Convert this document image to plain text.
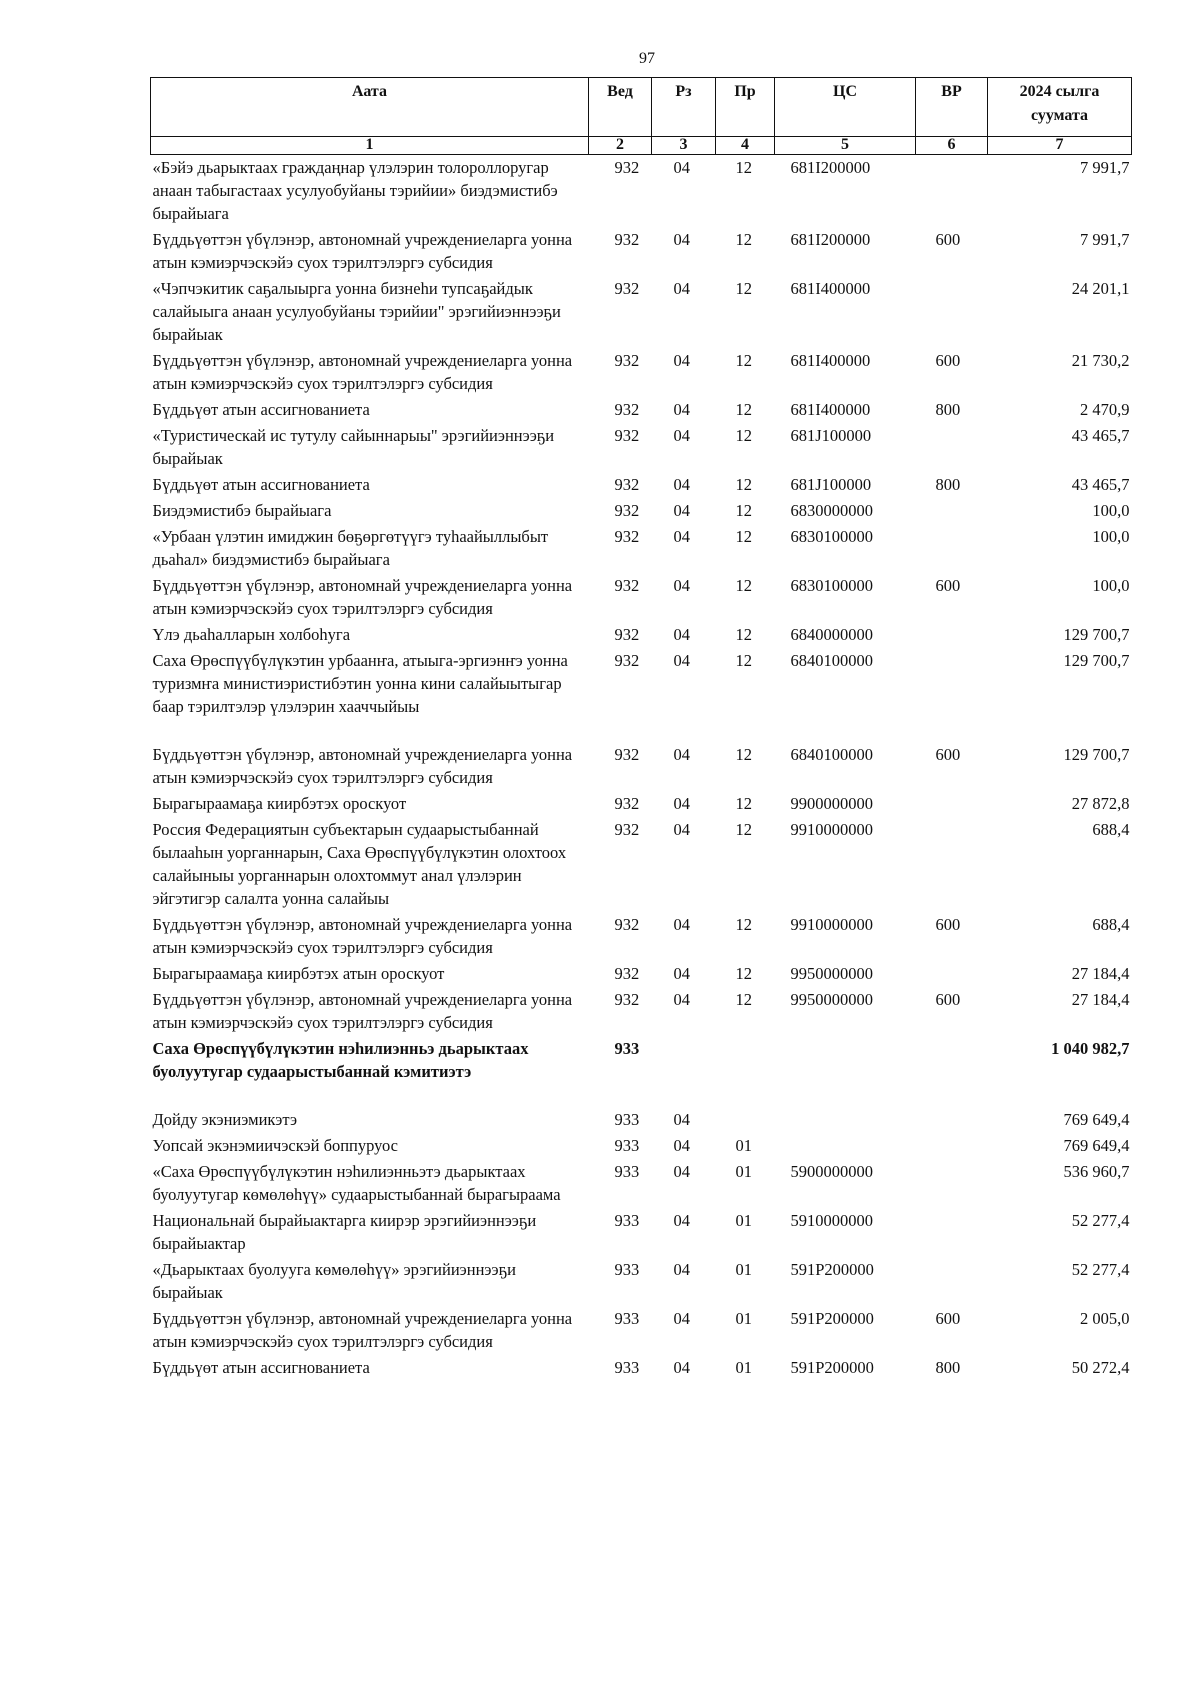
97
Аата	Вед	Рз	Пр	ЦС	ВР	2024 сылга суумата
1	2	3	4	5	6	7
«Бэйэ дьарыктаах граждаңнар үлэлэрин толороллоругар анаан табыгастаах усулуобуйаны тэрийии» биэдэмистибэ бырайыага	932	04	12	681I200000		7 991,7
Бүддьүөттэн үбүлэнэр, автономнай учреждениеларга уонна атын кэмиэрчэскэйэ суох тэрилтэлэргэ субсидия	932	04	12	681I200000	600	7 991,7
«Чэпчэкитик саҕалыырга уонна бизнеһи тупсаҕайдык салайыыга анаан усулуобуйаны тэрийии" эрэгийиэннээҕи бырайыак	932	04	12	681I400000		24 201,1
Бүддьүөттэн үбүлэнэр, автономнай учреждениеларга уонна атын кэмиэрчэскэйэ суох тэрилтэлэргэ субсидия	932	04	12	681I400000	600	21 730,2
Бүддьүөт атын ассигнованиета	932	04	12	681I400000	800	2 470,9
«Туристическай ис тутулу сайыннарыы" эрэгийиэннээҕи бырайыак	932	04	12	681J100000		43 465,7
Бүддьүөт атын ассигнованиета	932	04	12	681J100000	800	43 465,7
Биэдэмистибэ бырайыага	932	04	12	6830000000		100,0
«Урбаан үлэтин имиджин бөҕөргөтүүгэ туһаайыллыбыт дьаһал» биэдэмистибэ бырайыага	932	04	12	6830100000		100,0
Бүддьүөттэн үбүлэнэр, автономнай учреждениеларга уонна атын кэмиэрчэскэйэ суох тэрилтэлэргэ субсидия	932	04	12	6830100000	600	100,0
Үлэ дьаһалларын холбоһуга	932	04	12	6840000000		129 700,7
Саха Өрөспүүбүлүкэтин урбаанҥа, атыыга-эргиэнҥэ уонна туризмҥа министиэристибэтин уонна кини салайыытыгар баар тэрилтэлэр үлэлэрин хааччыйыы	932	04	12	6840100000		129 700,7
Бүддьүөттэн үбүлэнэр, автономнай учреждениеларга уонна атын кэмиэрчэскэйэ суох тэрилтэлэргэ субсидия	932	04	12	6840100000	600	129 700,7
Бырагыраамаҕа киирбэтэх ороскуот	932	04	12	9900000000		27 872,8
Россия Федерациятын субъектарын судаарыстыбаннай былааһын уорганнарын, Саха Өрөспүүбүлүкэтин олохтоох салайыныы уорганнарын олохтоммут анал үлэлэрин эйгэтигэр салалта уонна салайыы	932	04	12	9910000000		688,4
Бүддьүөттэн үбүлэнэр, автономнай учреждениеларга уонна атын кэмиэрчэскэйэ суох тэрилтэлэргэ субсидия	932	04	12	9910000000	600	688,4
Бырагыраамаҕа киирбэтэх атын ороскуот	932	04	12	9950000000		27 184,4
Бүддьүөттэн үбүлэнэр, автономнай учреждениеларга уонна атын кэмиэрчэскэйэ суох тэрилтэлэргэ субсидия	932	04	12	9950000000	600	27 184,4
Саха Өрөспүүбүлүкэтин нэһилиэнньэ дьарыктаах буолуутугар судаарыстыбаннай кэмитиэтэ	933					1 040 982,7
Дойду экэниэмикэтэ	933	04				769 649,4
Уопсай экэнэмиичэскэй боппуруос	933	04	01			769 649,4
«Саха Өрөспүүбүлүкэтин нэһилиэнньэтэ дьарыктаах буолуутугар көмөлөһүү» судаарыстыбаннай бырагыраама	933	04	01	5900000000		536 960,7
Национальнай бырайыактарга киирэр эрэгийиэннээҕи бырайыактар	933	04	01	5910000000		52 277,4
«Дьарыктаах буолууга көмөлөһүү» эрэгийиэннээҕи бырайыак	933	04	01	591P200000		52 277,4
Бүддьүөттэн үбүлэнэр, автономнай учреждениеларга уонна атын кэмиэрчэскэйэ суох тэрилтэлэргэ субсидия	933	04	01	591P200000	600	2 005,0
Бүддьүөт атын ассигнованиета	933	04	01	591P200000	800	50 272,4
